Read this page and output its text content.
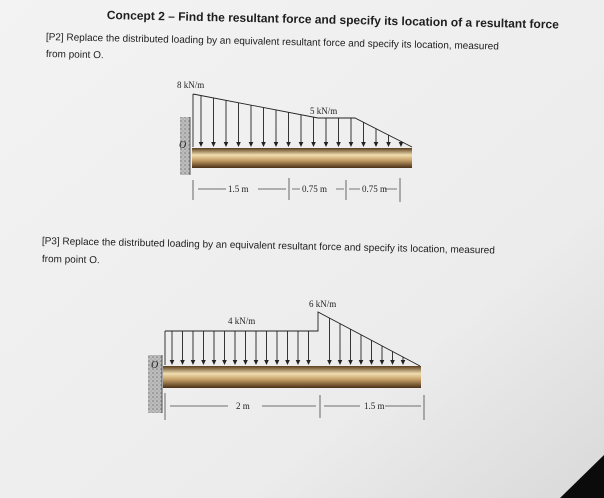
Concept 2 – Find the resultant force and specify its location of a resultant force
[P2] Replace the distributed loading by an equivalent resultant force and specify its location, measured
from point O.
[P3] Replace the distributed loading by an equivalent resultant force and specify its location, measured
from point O.
8 kN/m
5 kN/m
O
1.5 m	0.75 m	0.75 m
4 kN/m
6 kN/m
O
2 m	1.5 m
